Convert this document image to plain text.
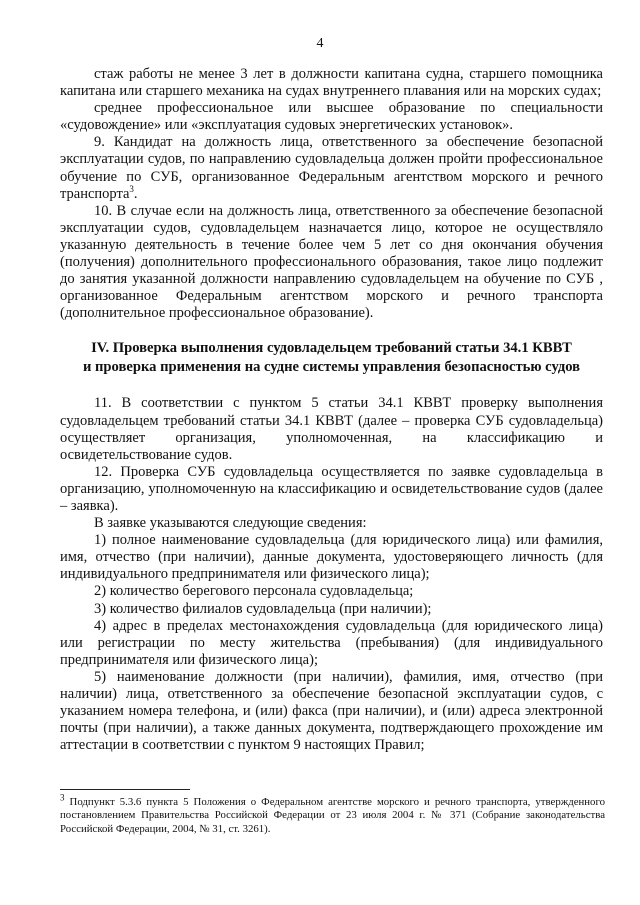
4

стаж работы не менее 3 лет в должности капитана судна, старшего помощника капитана или старшего механика на судах внутреннего плавания или на морских судах;

среднее профессиональное или высшее образование по специальности «судовождение» или «эксплуатация судовых энергетических установок».

9. Кандидат на должность лица, ответственного за обеспечение безопасной эксплуатации судов, по направлению судовладельца должен пройти профессиональное обучение по СУБ, организованное Федеральным агентством морского и речного транспорта$^3$.

10. В случае если на должность лица, ответственного за обеспечение безопасной эксплуатации судов, судовладельцем назначается лицо, которое не осуществляло указанную деятельность в течение более чем 5 лет со дня окончания обучения (получения) дополнительного профессионального образования, такое лицо подлежит до занятия указанной должности направлению судовладельцем на обучение по СУБ , организованное Федеральным агентством морского и речного транспорта (дополнительное профессиональное образование).

IV. Проверка выполнения судовладельцем требований статьи 34.1 КВВТ
и проверка применения на судне системы управления безопасностью судов

11. В соответствии с пунктом 5 статьи 34.1 КВВТ проверку выполнения судовладельцем требований статьи 34.1 КВВТ (далее – проверка СУБ судовладельца) осуществляет организация, уполномоченная, на классификацию и освидетельствование судов.

12. Проверка СУБ судовладельца осуществляется по заявке судовладельца в организацию, уполномоченную на классификацию и освидетельствование судов (далее – заявка).

В заявке указываются следующие сведения:

1) полное наименование судовладельца (для юридического лица) или фамилия, имя, отчество (при наличии), данные документа, удостоверяющего личность (для индивидуального предпринимателя или физического лица);

2) количество берегового персонала судовладельца;

3) количество филиалов судовладельца (при наличии);

4) адрес в пределах местонахождения судовладельца (для юридического лица) или регистрации по месту жительства (пребывания) (для индивидуального предпринимателя или физического лица);

5) наименование должности (при наличии), фамилия, имя, отчество (при наличии) лица, ответственного за обеспечение безопасной эксплуатации судов, с указанием номера телефона, и (или) факса (при наличии), и (или) адреса электронной почты (при наличии), а также данных документа, подтверждающего прохождение им аттестации в соответствии с пунктом 9 настоящих Правил;

$^3$ Подпункт 5.3.6 пункта 5 Положения о Федеральном агентстве морского и речного транспорта, утвержденного постановлением Правительства Российской Федерации от 23 июля 2004 г. № 371 (Собрание законодательства Российской Федерации, 2004, № 31, ст. 3261).
